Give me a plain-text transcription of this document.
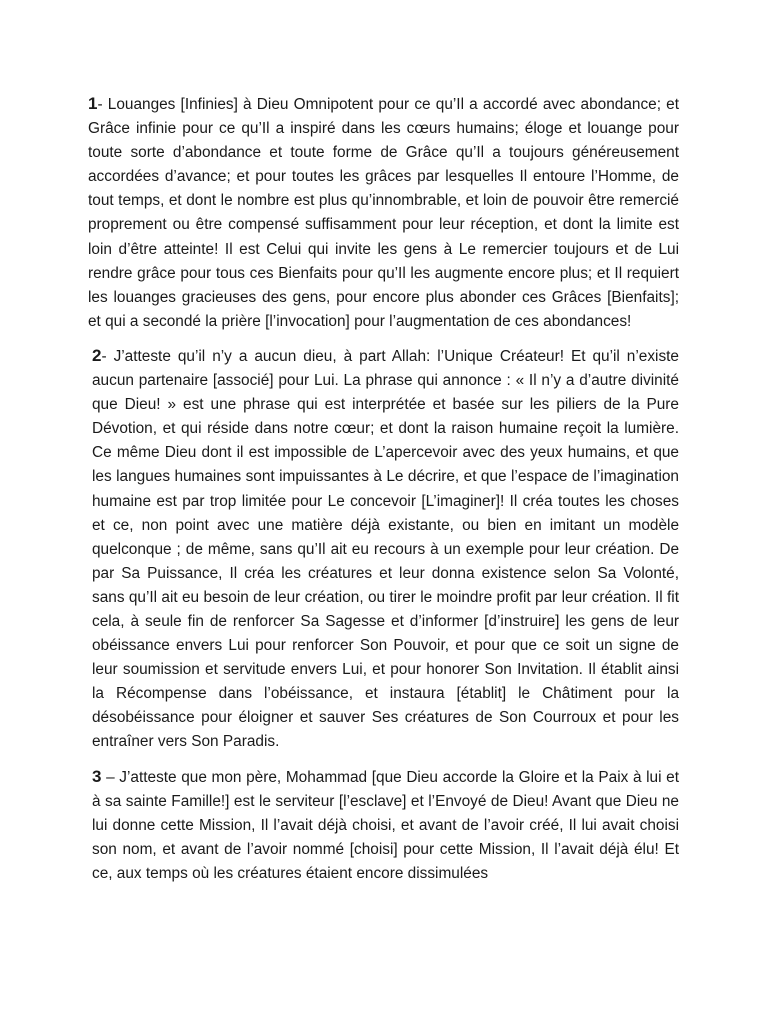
1- Louanges [Infinies] à Dieu Omnipotent pour ce qu’Il a accordé avec abondance; et Grâce infinie pour ce qu’Il a inspiré dans les cœurs humains; éloge et louange pour toute sorte d’abondance et toute forme de Grâce qu’Il a toujours généreusement accordées d’avance; et pour toutes les grâces par lesquelles Il entoure l’Homme, de tout temps, et dont le nombre est plus qu’innombrable, et loin de pouvoir être remercié proprement ou être compensé suffisamment pour leur réception, et dont la limite est loin d’être atteinte! Il est Celui qui invite les gens à Le remercier toujours et de Lui rendre grâce pour tous ces Bienfaits pour qu’Il les augmente encore plus; et Il requiert les louanges gracieuses des gens, pour encore plus abonder ces Grâces [Bienfaits]; et qui a secondé la prière [l’invocation] pour l’augmentation de ces abondances!

2- J’atteste qu’il n’y a aucun dieu, à part Allah: l’Unique Créateur! Et qu’il n’existe aucun partenaire [associé] pour Lui. La phrase qui annonce : « Il n’y a d’autre divinité que Dieu! » est une phrase qui est interprétée et basée sur les piliers de la Pure Dévotion, et qui réside dans notre cœur; et dont la raison humaine reçoit la lumière. Ce même Dieu dont il est impossible de L’apercevoir avec des yeux humains, et que les langues humaines sont impuissantes à Le décrire, et que l’espace de l’imagination humaine est par trop limitée pour Le concevoir [L’imaginer]! Il créa toutes les choses et ce, non point avec une matière déjà existante, ou bien en imitant un modèle quelconque ; de même, sans qu’Il ait eu recours à un exemple pour leur création. De par Sa Puissance, Il créa les créatures et leur donna existence selon Sa Volonté, sans qu’Il ait eu besoin de leur création, ou tirer le moindre profit par leur création. Il fit cela, à seule fin de renforcer Sa Sagesse et d’informer [d’instruire] les gens de leur obéissance envers Lui pour renforcer Son Pouvoir, et pour que ce soit un signe de leur soumission et servitude envers Lui, et pour honorer Son Invitation. Il établit ainsi la Récompense dans l’obéissance, et instaura [établit] le Châtiment pour la désobéissance pour éloigner et sauver Ses créatures de Son Courroux et pour les entraîner vers Son Paradis.

3 – J’atteste que mon père, Mohammad [que Dieu accorde la Gloire et la Paix à lui et à sa sainte Famille!] est le serviteur [l’esclave] et l’Envoyé de Dieu! Avant que Dieu ne lui donne cette Mission, Il l’avait déjà choisi, et avant de l’avoir créé, Il lui avait choisi son nom, et avant de l’avoir nommé [choisi] pour cette Mission, Il l’avait déjà élu! Et ce, aux temps où les créatures étaient encore dissimulées
